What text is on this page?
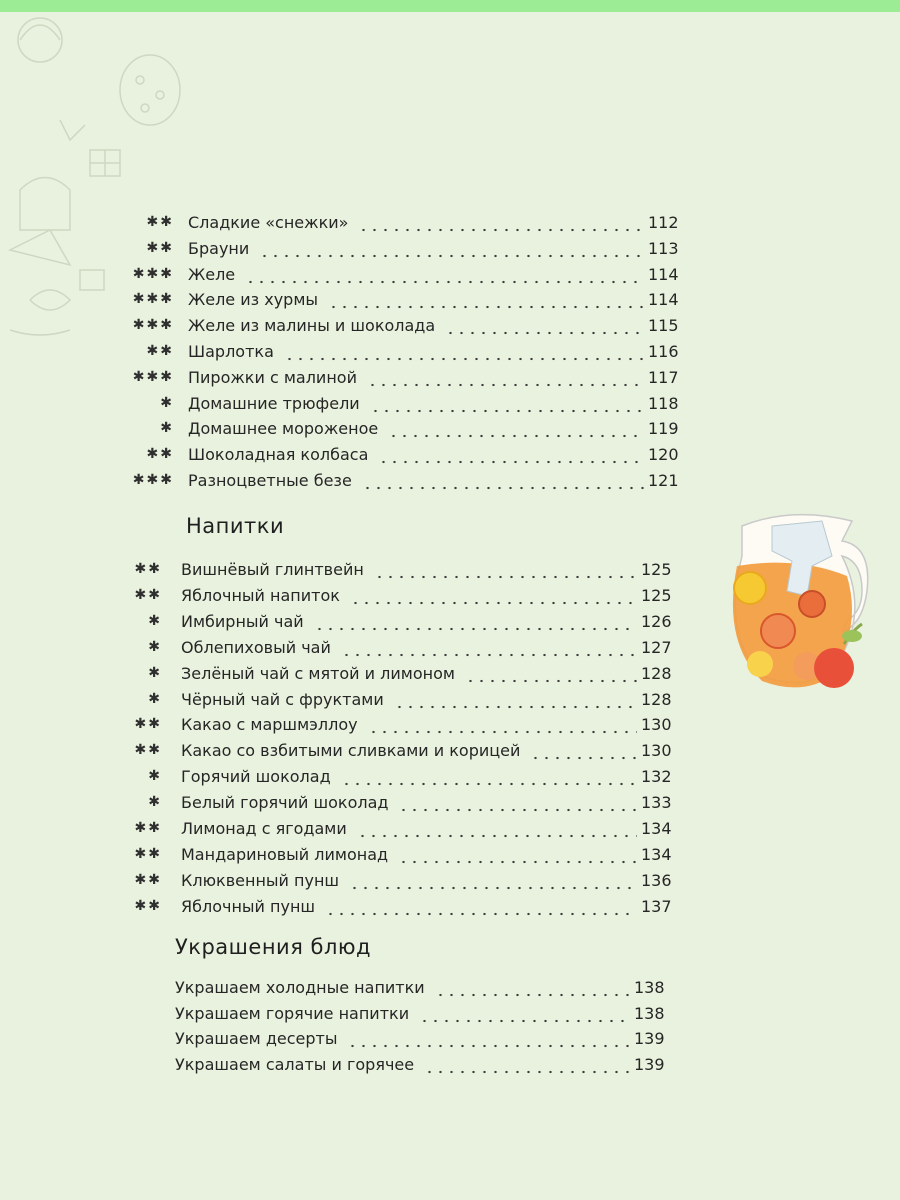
✱✱ Сладкие «снежки»	112
✱✱ Брауни	113
✱✱✱ Желе	114
✱✱✱ Желе из хурмы	114
✱✱✱ Желе из малины и шоколада	115
✱✱ Шарлотка	116
✱✱✱ Пирожки с малиной	117
✱ Домашние трюфели	118
✱ Домашнее мороженое	119
✱✱ Шоколадная колбаса	120
✱✱✱ Разноцветные безе	121
Напитки
✱✱ Вишнёвый глинтвейн	125
✱✱ Яблочный напиток	125
✱ Имбирный чай	126
✱ Облепиховый чай	127
✱ Зелёный чай с мятой и лимоном	128
✱ Чёрный чай с фруктами	128
✱✱ Какао с маршмэллоу	130
✱✱ Какао со взбитыми сливками и корицей	130
✱ Горячий шоколад	132
✱ Белый горячий шоколад	133
✱✱ Лимонад с ягодами	134
✱✱ Мандариновый лимонад	134
✱✱ Клюквенный пунш	136
✱✱ Яблочный пунш	137
Украшения блюд
Украшаем холодные напитки	138
Украшаем горячие напитки	138
Украшаем десерты	139
Украшаем салаты и горячее	139
